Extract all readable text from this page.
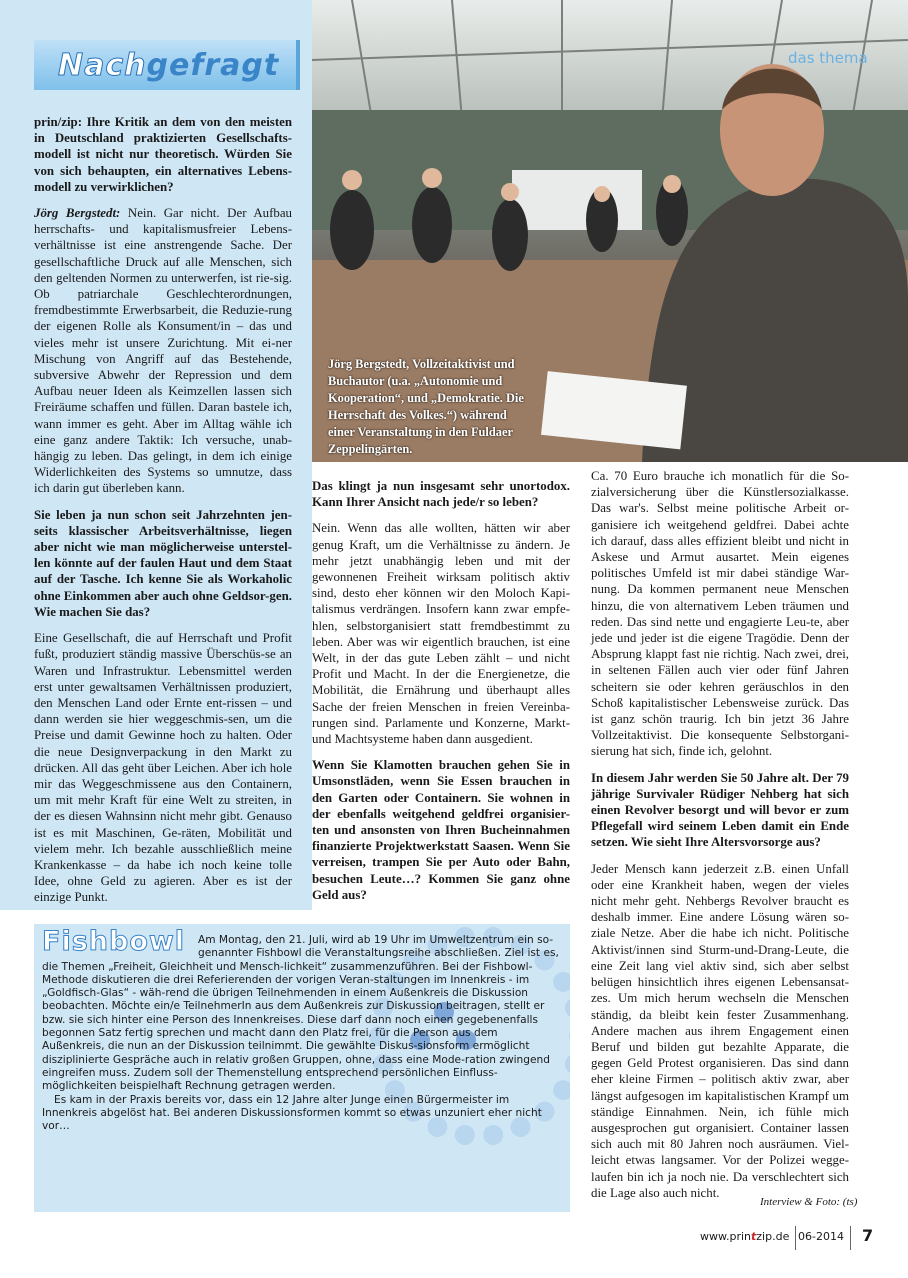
Nachgefragt
Jörg Bergstedt, Vollzeitaktivist und Buchautor (u.a. „Autonomie und Kooperation“, und „Demokratie. Die Herrschaft des Volkes.“) während einer Veranstaltung in den Fuldaer Zeppelingärten.
das thema

prin/zip: Ihre Kritik an dem von den meisten in Deutschland praktizierten Gesellschafts-modell ist nicht nur theoretisch. Würden Sie von sich behaupten, ein alternatives Lebens-modell zu verwirklichen?

Jörg Bergstedt: Nein. Gar nicht. Der Aufbau herrschafts- und kapitalismusfreier Lebens-verhältnisse ist eine anstrengende Sache. Der gesellschaftliche Druck auf alle Menschen, sich den geltenden Normen zu unterwerfen, ist rie-sig. Ob patriarchale Geschlechterordnungen, fremdbestimmte Erwerbsarbeit, die Reduzie-rung der eigenen Rolle als Konsument/in – das und vieles mehr ist unsere Zurichtung. Mit ei-ner Mischung von Angriff auf das Bestehende, subversive Abwehr der Repression und dem Aufbau neuer Ideen als Keimzellen lassen sich Freiräume schaffen und füllen. Daran bastele ich, wann immer es geht. Aber im Alltag wähle ich eine ganz andere Taktik: Ich versuche, unab-hängig zu leben. Das gelingt, in dem ich einige Widerlichkeiten des Systems so umnutze, dass ich darin gut überleben kann.

Sie leben ja nun schon seit Jahrzehnten jen-seits klassischer Arbeitsverhältnisse, liegen aber nicht wie man möglicherweise unterstel-len könnte auf der faulen Haut und dem Staat auf der Tasche. Ich kenne Sie als Workaholic ohne Einkommen aber auch ohne Geldsor-gen. Wie machen Sie das?

Eine Gesellschaft, die auf Herrschaft und Profit fußt, produziert ständig massive Überschüs-se an Waren und Infrastruktur. Lebensmittel werden erst unter gewaltsamen Verhältnissen produziert, den Menschen Land oder Ernte ent-rissen – und dann werden sie hier weggeschmis-sen, um die Preise und damit Gewinne hoch zu halten. Oder die neue Designverpackung in den Markt zu drücken. All das geht über Leichen. Aber ich hole mir das Weggeschmissene aus den Containern, um mit mehr Kraft für eine Welt zu streiten, in der es diesen Wahnsinn nicht mehr gibt. Genauso ist es mit Maschinen, Ge-räten, Mobilität und vielem mehr. Ich bezahle ausschließlich meine Krankenkasse – da habe ich noch keine tolle Idee, ohne Geld zu agieren. Aber es ist der einzige Punkt.

Das klingt ja nun insgesamt sehr unortodox. Kann Ihrer Ansicht nach jede/r so leben?

Nein. Wenn das alle wollten, hätten wir aber genug Kraft, um die Verhältnisse zu ändern. Je mehr jetzt unabhängig leben und mit der gewonnenen Freiheit wirksam politisch aktiv sind, desto eher können wir den Moloch Kapi-talismus verdrängen. Insofern kann zwar empfe-hlen, selbstorganisiert statt fremdbestimmt zu leben. Aber was wir eigentlich brauchen, ist eine Welt, in der das gute Leben zählt – und nicht Profit und Macht. In der die Energienetze, die Mobilität, die Ernährung und überhaupt alles Sache der freien Menschen in freien Vereinba-rungen sind. Parlamente und Konzerne, Markt- und Machtsysteme haben dann ausgedient.

Wenn Sie Klamotten brauchen gehen Sie in Umsonstläden, wenn Sie Essen brauchen in den Garten oder Containern. Sie wohnen in der ebenfalls weitgehend geldfrei organisier-ten und ansonsten von Ihren Bucheinnahmen finanzierte Projektwerkstatt Saasen. Wenn Sie verreisen, trampen Sie per Auto oder Bahn, besuchen Leute…? Kommen Sie ganz ohne Geld aus?

Ca. 70 Euro brauche ich monatlich für die So-zialversicherung über die Künstlersozialkasse. Das war's. Selbst meine politische Arbeit or-ganisiere ich weitgehend geldfrei. Dabei achte ich darauf, dass alles effizient bleibt und nicht in Askese und Armut ausartet. Mein eigenes politisches Umfeld ist mir dabei ständige War-nung. Da kommen permanent neue Menschen hinzu, die von alternativem Leben träumen und reden. Das sind nette und engagierte Leu-te, aber jede und jeder ist die eigene Tragödie. Denn der Absprung klappt fast nie richtig. Nach zwei, drei, in seltenen Fällen auch vier oder fünf Jahren scheitern sie oder kehren geräuschlos in den Schoß kapitalistischer Lebensweise zurück. Das ist ganz schön traurig. Ich bin jetzt 36 Jahre Vollzeitaktivist. Die konsequente Selbstorgani-sierung hat sich, finde ich, gelohnt.

In diesem Jahr werden Sie 50 Jahre alt. Der 79 jährige Survivaler Rüdiger Nehberg hat sich einen Revolver besorgt und will bevor er zum Pflegefall wird seinem Leben damit ein Ende setzen. Wie sieht Ihre Altersvorsorge aus?

Jeder Mensch kann jederzeit z.B. einen Unfall oder eine Krankheit haben, wegen der vieles nicht mehr geht. Nehbergs Revolver braucht es deshalb immer. Eine andere Lösung wären so-ziale Netze. Aber die habe ich nicht. Politische Aktivist/innen sind Sturm-und-Drang-Leute, die eine Zeit lang viel aktiv sind, sich aber selbst belügen hinsichtlich ihres eigenen Lebensansat-zes. Um mich herum wechseln die Menschen ständig, da bleibt kein fester Zusammenhang. Andere machen aus ihrem Engagement einen Beruf und bilden gut bezahlte Apparate, die gegen Geld Protest organisieren. Das sind dann eher kleine Firmen – politisch aktiv zwar, aber längst aufgesogen im kapitalistischen Krampf um ständige Einnahmen. Nein, ich fühle mich ausgesprochen gut organisiert. Container lassen sich auch mit 80 Jahren noch ausräumen. Viel-leicht etwas langsamer. Vor der Polizei wegge-laufen bin ich ja noch nie. Da verschlechtert sich die Lage also auch nicht.

Interview & Foto: (ts)
Fishbowl	Am Montag, den 21. Juli, wird ab 19 Uhr im Umweltzentrum ein so-genannter Fishbowl die Veranstaltungsreihe abschließen. Ziel ist es, die Themen „Freiheit, Gleichheit und Mensch-lichkeit“ zusammenzuführen. Bei der Fishbowl-Methode diskutieren die drei Referierenden der vorigen Veran-staltungen im Innenkreis - im „Goldfisch-Glas“ - wäh-rend die übrigen Teilnehmenden in einem Außenkreis die Diskussion beobachten. Möchte ein/e TeilnehmerIn aus dem Außenkreis zur Diskussion beitragen, stellt er bzw. sie sich hinter eine Person des Innenkreises. Diese darf dann noch einen gegebenenfalls begonnen Satz fertig sprechen und macht dann den Platz frei, für die Person aus dem Außenkreis, die nun an der Diskussion teilnimmt. Die gewählte Diskus-sionsform ermöglicht disziplinierte Gespräche auch in relativ großen Gruppen, ohne, dass eine Mode-ration zwingend eingreifen muss. Zudem soll der Themenstellung entsprechend persönlichen Einfluss-möglichkeiten beispielhaft Rechnung getragen werden.
Es kam in der Praxis bereits vor, dass ein 12 Jahre alter Junge einen Bürgermeister im Innenkreis abgelöst hat. Bei anderen Diskussionsformen kommt so etwas unzuniert eher nicht vor…
www.printzip.de 06-2014 7
